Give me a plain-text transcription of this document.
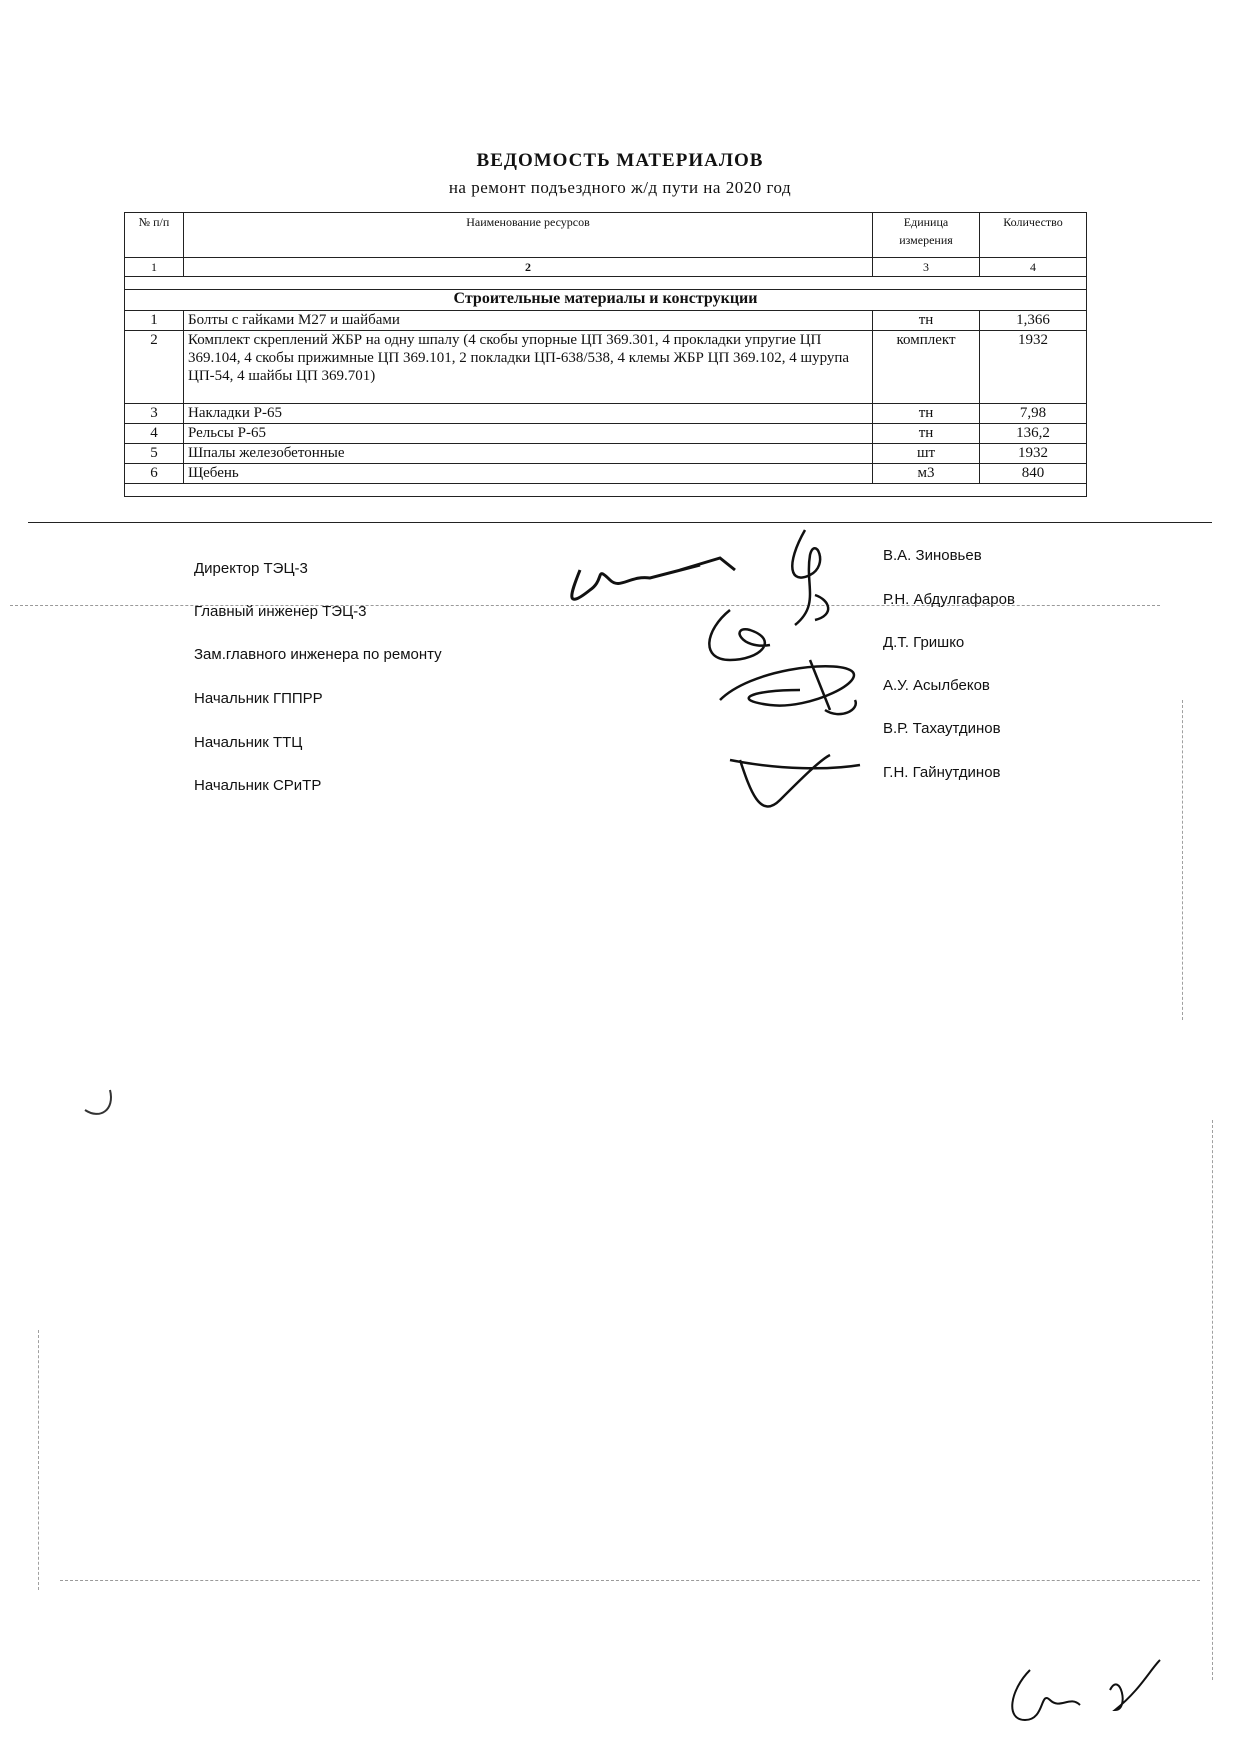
ВЕДОМОСТЬ МАТЕРИАЛОВ
на ремонт подъездного ж/д пути на 2020 год
№ п/п	Наименование ресурсов	Единица измерения	Количество
1	2	3	4

Строительные материалы и конструкции			
1	Болты с гайками М27 и шайбами	тн	1,366
2	Комплект скреплений ЖБР на одну шпалу (4 скобы упорные ЦП 369.301, 4 прокладки упругие ЦП 369.104, 4 скобы прижимные ЦП 369.101, 2 покладки ЦП-638/538, 4 клемы ЖБР ЦП 369.102, 4 шурупа ЦП-54, 4 шайбы ЦП 369.701)	комплект	1932
3	Накладки Р-65	тн	7,98
4	Рельсы Р-65	тн	136,2
5	Шпалы железобетонные	шт	1932
6	Щебень	м3	840

Директор ТЭЦ-3
Главный инженер ТЭЦ-3
Зам.главного инженера по ремонту
Начальник ГППРР
Начальник ТТЦ
Начальник СРиТР
В.А. Зиновьев
Р.Н. Абдулгафаров
Д.Т. Гришко
А.У. Асылбеков
В.Р. Тахаутдинов
Г.Н. Гайнутдинов
